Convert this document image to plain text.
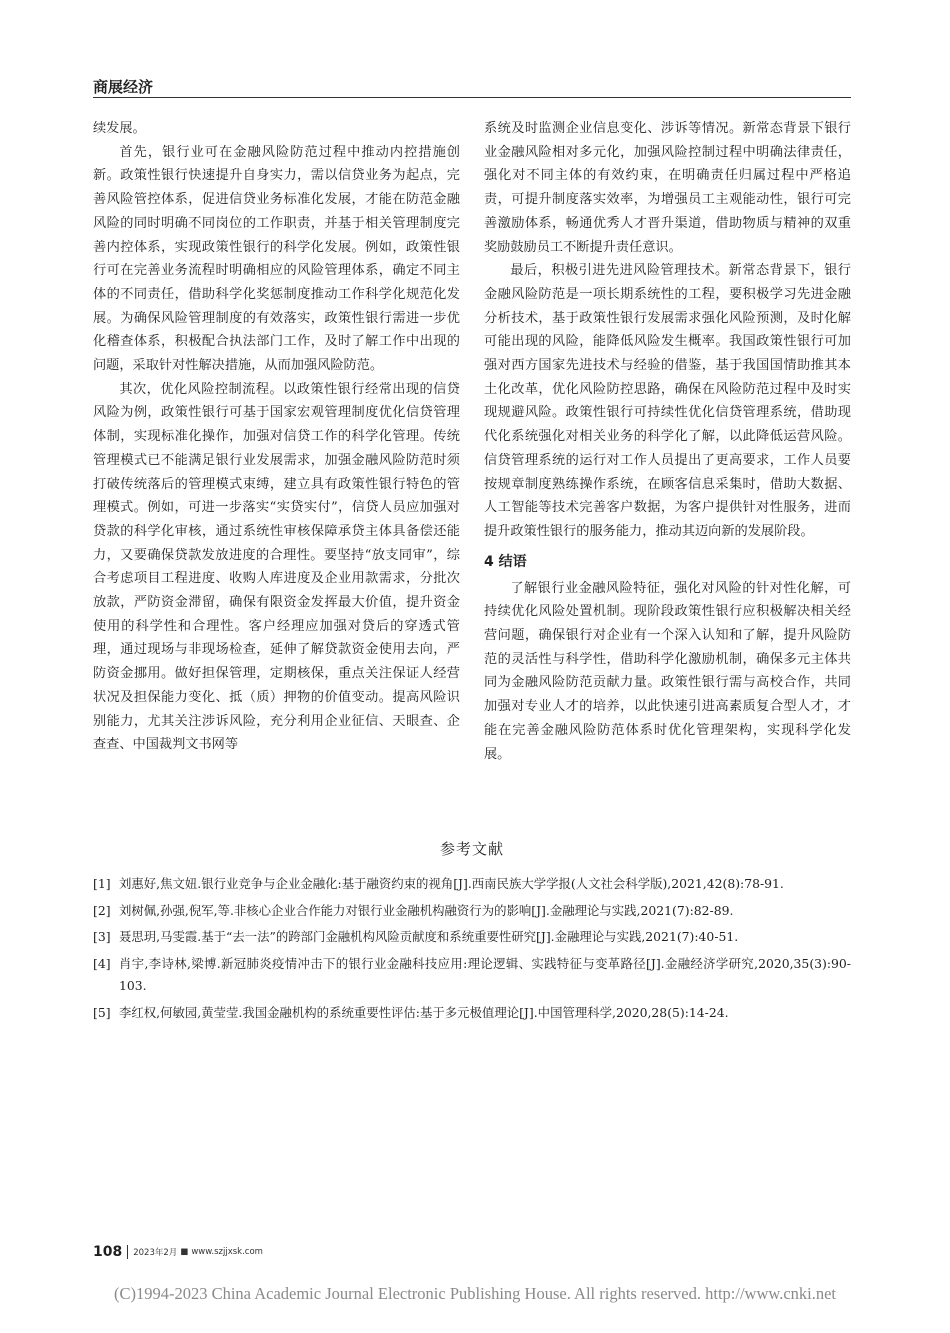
商展经济

续发展。

首先，银行业可在金融风险防范过程中推动内控措施创新。政策性银行快速提升自身实力，需以信贷业务为起点，完善风险管控体系，促进信贷业务标准化发展，才能在防范金融风险的同时明确不同岗位的工作职责，并基于相关管理制度完善内控体系，实现政策性银行的科学化发展。例如，政策性银行可在完善业务流程时明确相应的风险管理体系，确定不同主体的不同责任，借助科学化奖惩制度推动工作科学化规范化发展。为确保风险管理制度的有效落实，政策性银行需进一步优化稽查体系，积极配合执法部门工作，及时了解工作中出现的问题，采取针对性解决措施，从而加强风险防范。

其次，优化风险控制流程。以政策性银行经常出现的信贷风险为例，政策性银行可基于国家宏观管理制度优化信贷管理体制，实现标准化操作，加强对信贷工作的科学化管理。传统管理模式已不能满足银行业发展需求，加强金融风险防范时须打破传统落后的管理模式束缚，建立具有政策性银行特色的管理模式。例如，可进一步落实“实贷实付”，信贷人员应加强对贷款的科学化审核，通过系统性审核保障承贷主体具备偿还能力，又要确保贷款发放进度的合理性。要坚持“放支同审”，综合考虑项目工程进度、收购人库进度及企业用款需求，分批次放款，严防资金滞留，确保有限资金发挥最大价值，提升资金使用的科学性和合理性。客户经理应加强对贷后的穿透式管理，通过现场与非现场检查，延伸了解贷款资金使用去向，严防资金挪用。做好担保管理，定期核保，重点关注保证人经营状况及担保能力变化、抵（质）押物的价值变动。提高风险识别能力，尤其关注涉诉风险，充分利用企业征信、天眼查、企查查、中国裁判文书网等

系统及时监测企业信息变化、涉诉等情况。新常态背景下银行业金融风险相对多元化，加强风险控制过程中明确法律责任，强化对不同主体的有效约束，在明确责任归属过程中严格追责，可提升制度落实效率，为增强员工主观能动性，银行可完善激励体系，畅通优秀人才晋升渠道，借助物质与精神的双重奖励鼓励员工不断提升责任意识。

最后，积极引进先进风险管理技术。新常态背景下，银行金融风险防范是一项长期系统性的工程，要积极学习先进金融分析技术，基于政策性银行发展需求强化风险预测，及时化解可能出现的风险，能降低风险发生概率。我国政策性银行可加强对西方国家先进技术与经验的借鉴，基于我国国情助推其本土化改革，优化风险防控思路，确保在风险防范过程中及时实现规避风险。政策性银行可持续性优化信贷管理系统，借助现代化系统强化对相关业务的科学化了解，以此降低运营风险。信贷管理系统的运行对工作人员提出了更高要求，工作人员要按规章制度熟练操作系统，在顾客信息采集时，借助大数据、人工智能等技术完善客户数据，为客户提供针对性服务，进而提升政策性银行的服务能力，推动其迈向新的发展阶段。

4 结语

了解银行业金融风险特征，强化对风险的针对性化解，可持续优化风险处置机制。现阶段政策性银行应积极解决相关经营问题，确保银行对企业有一个深入认知和了解，提升风险防范的灵活性与科学性，借助科学化激励机制，确保多元主体共同为金融风险防范贡献力量。政策性银行需与高校合作，共同加强对专业人才的培养，以此快速引进高素质复合型人才，才能在完善金融风险防范体系时优化管理架构，实现科学化发展。

参考文献
[1] 刘惠好,焦文妞.银行业竞争与企业金融化:基于融资约束的视角[J].西南民族大学学报(人文社会科学版),2021,42(8):78-91.
[2] 刘树佩,孙强,倪军,等.非核心企业合作能力对银行业金融机构融资行为的影响[J].金融理论与实践,2021(7):82-89.
[3] 聂思玥,马雯霞.基于“去一法”的跨部门金融机构风险贡献度和系统重要性研究[J].金融理论与实践,2021(7):40-51.
[4] 肖宇,李诗林,梁博.新冠肺炎疫情冲击下的银行业金融科技应用:理论逻辑、实践特征与变革路径[J].金融经济学研究,2020,35(3):90-103.
[5] 李红权,何敏园,黄莹莹.我国金融机构的系统重要性评估:基于多元极值理论[J].中国管理科学,2020,28(5):14-24.
108 2023年2月 ■ www.szjjxsk.com
(C)1994-2023 China Academic Journal Electronic Publishing House. All rights reserved. http://www.cnki.net
